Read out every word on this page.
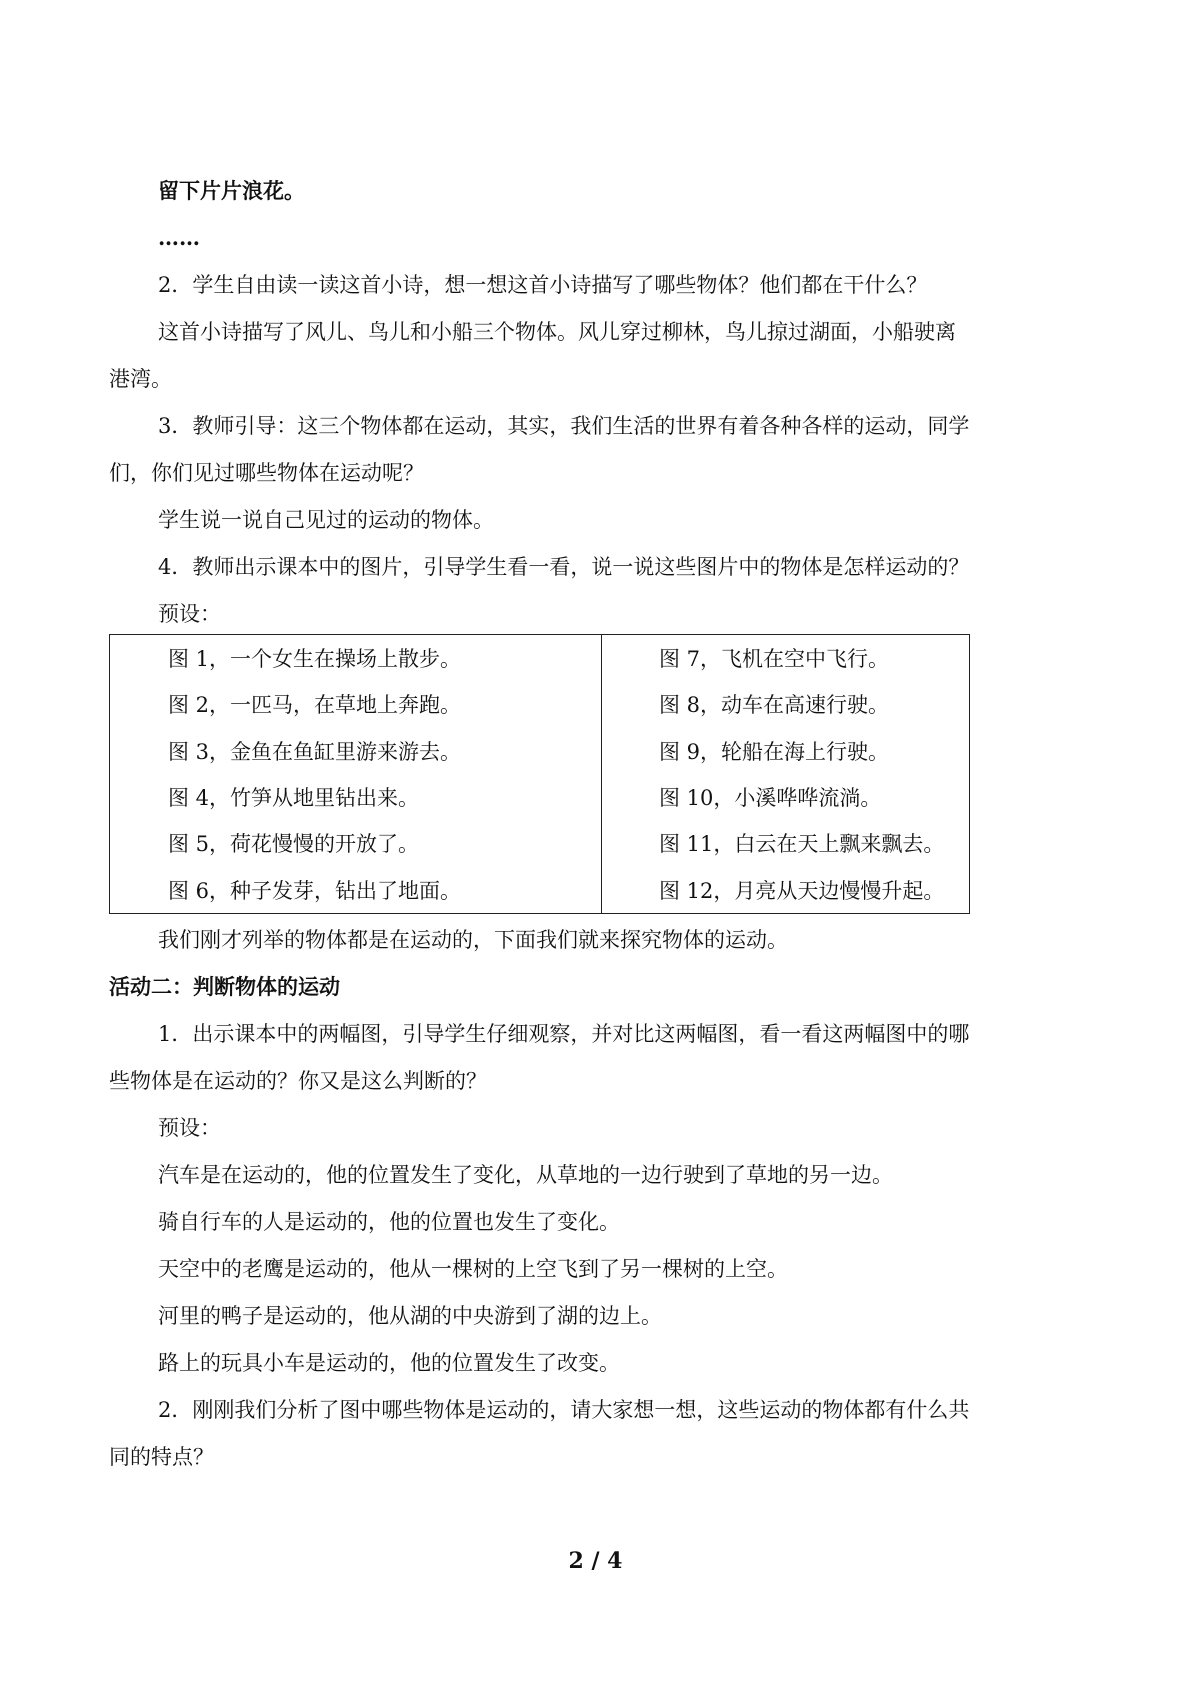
留下片片浪花。
……
2．学生自由读一读这首小诗，想一想这首小诗描写了哪些物体？他们都在干什么？
这首小诗描写了风儿、鸟儿和小船三个物体。风儿穿过柳林，鸟儿掠过湖面，小船驶离
港湾。
3．教师引导：这三个物体都在运动，其实，我们生活的世界有着各种各样的运动，同学
们，你们见过哪些物体在运动呢？
学生说一说自己见过的运动的物体。
4．教师出示课本中的图片，引导学生看一看，说一说这些图片中的物体是怎样运动的？
预设：
图 1，一个女生在操场上散步。	图 7，飞机在空中飞行。
图 2，一匹马，在草地上奔跑。	图 8，动车在高速行驶。
图 3，金鱼在鱼缸里游来游去。	图 9，轮船在海上行驶。
图 4，竹笋从地里钻出来。	图 10，小溪哗哗流淌。
图 5，荷花慢慢的开放了。	图 11，白云在天上飘来飘去。
图 6，种子发芽，钻出了地面。	图 12，月亮从天边慢慢升起。
我们刚才列举的物体都是在运动的，下面我们就来探究物体的运动。
活动二：判断物体的运动
1．出示课本中的两幅图，引导学生仔细观察，并对比这两幅图，看一看这两幅图中的哪
些物体是在运动的？你又是这么判断的？
预设：
汽车是在运动的，他的位置发生了变化，从草地的一边行驶到了草地的另一边。
骑自行车的人是运动的，他的位置也发生了变化。
天空中的老鹰是运动的，他从一棵树的上空飞到了另一棵树的上空。
河里的鸭子是运动的，他从湖的中央游到了湖的边上。
路上的玩具小车是运动的，他的位置发生了改变。
2．刚刚我们分析了图中哪些物体是运动的，请大家想一想，这些运动的物体都有什么共
同的特点？
2 / 4
